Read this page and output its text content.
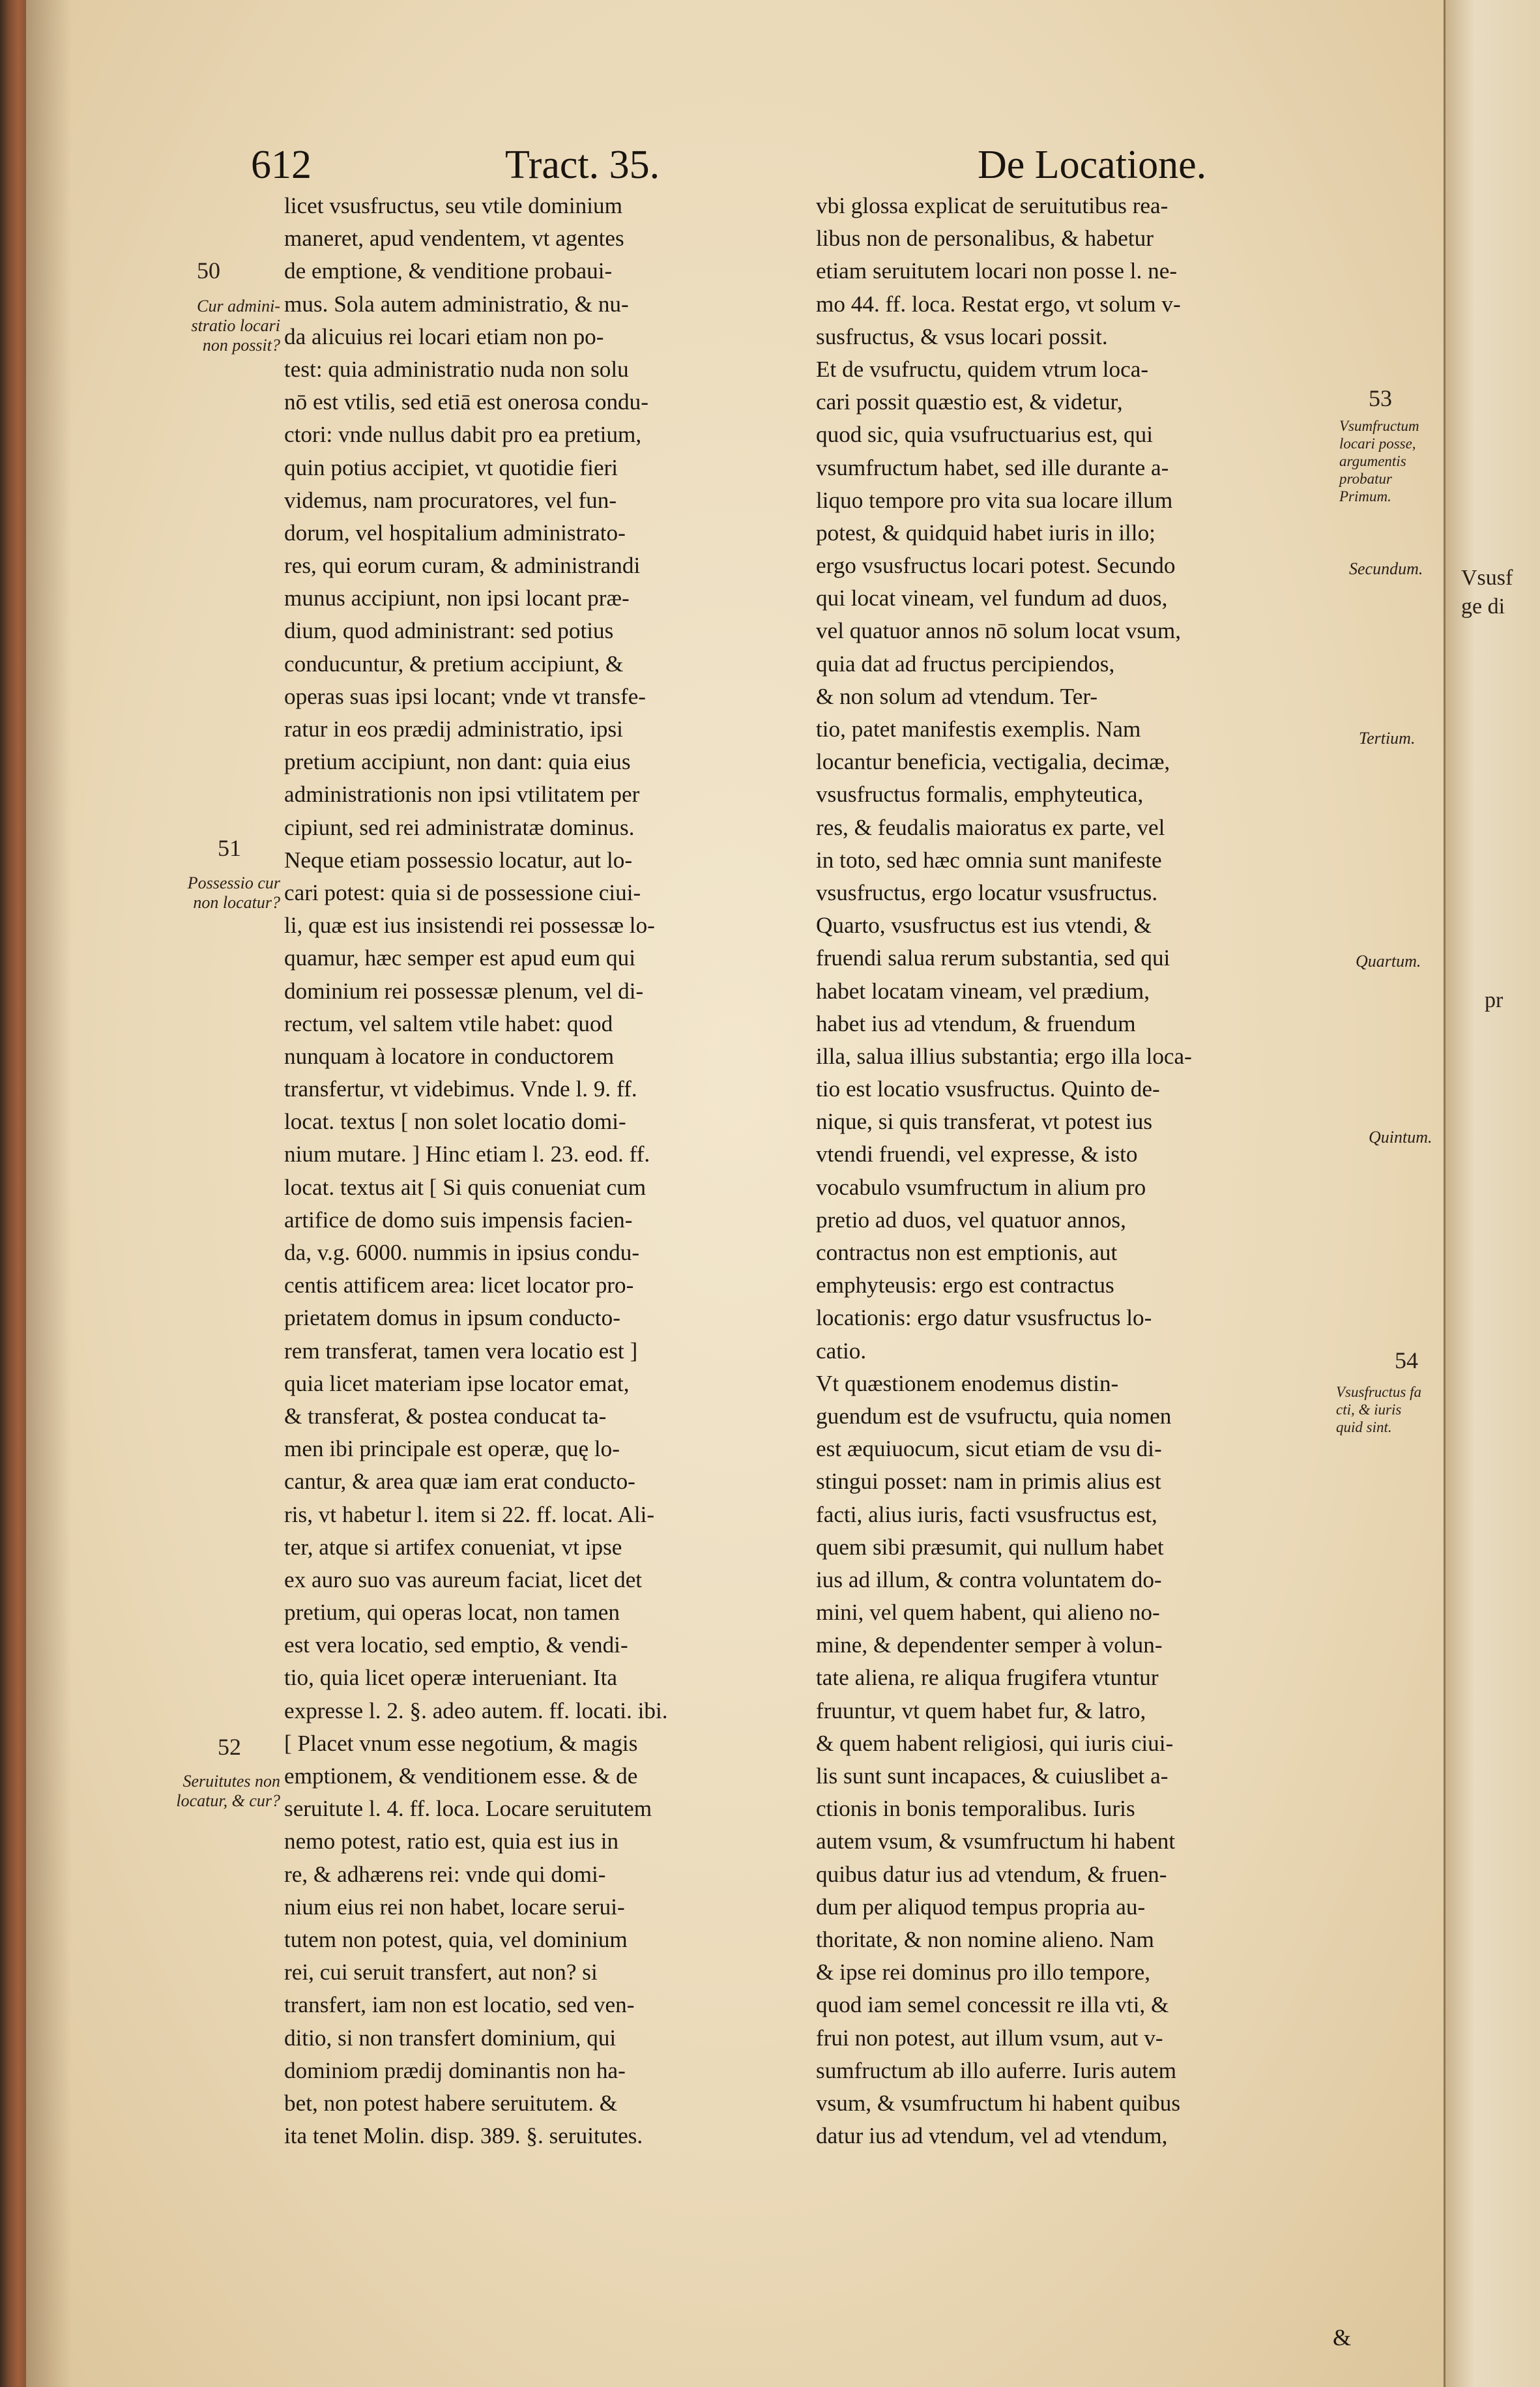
612	Tract. 35.	De Locatione.
licet vsusfructus, seu vtile dominium
maneret, apud vendentem, vt agentes
de emptione, & venditione probaui-
mus. Sola autem administratio, & nu-
da alicuius rei locari etiam non po-
test: quia administratio nuda non solu
nō est vtilis, sed etiā est onerosa condu-
ctori: vnde nullus dabit pro ea pretium,
quin potius accipiet, vt quotidie fieri
videmus, nam procuratores, vel fun-
dorum, vel hospitalium administrato-
res, qui eorum curam, & administrandi
munus accipiunt, non ipsi locant præ-
dium, quod administrant: sed potius
conducuntur, & pretium accipiunt, &
operas suas ipsi locant; vnde vt transfe-
ratur in eos prædij administratio, ipsi
pretium accipiunt, non dant: quia eius
administrationis non ipsi vtilitatem per
cipiunt, sed rei administratæ dominus.
Neque etiam possessio locatur, aut lo-
cari potest: quia si de possessione ciui-
li, quæ est ius insistendi rei possessæ lo-
quamur, hæc semper est apud eum qui
dominium rei possessæ plenum, vel di-
rectum, vel saltem vtile habet: quod
nunquam à locatore in conductorem
transfertur, vt videbimus. Vnde l. 9. ff.
locat. textus [ non solet locatio domi-
nium mutare. ] Hinc etiam l. 23. eod. ff.
locat. textus ait [ Si quis conueniat cum
artifice de domo suis impensis facien-
da, v.g. 6000. nummis in ipsius condu-
centis attificem area: licet locator pro-
prietatem domus in ipsum conducto-
rem transferat, tamen vera locatio est ]
quia licet materiam ipse locator emat,
& transferat, & postea conducat ta-
men ibi principale est operæ, quę lo-
cantur, & area quæ iam erat conducto-
ris, vt habetur l. item si 22. ff. locat. Ali-
ter, atque si artifex conueniat, vt ipse
ex auro suo vas aureum faciat, licet det
pretium, qui operas locat, non tamen
est vera locatio, sed emptio, & vendi-
tio, quia licet operæ interueniant. Ita
expresse l. 2. §. adeo autem. ff. locati. ibi.
[ Placet vnum esse negotium, & magis
emptionem, & venditionem esse. & de
seruitute l. 4. ff. loca. Locare seruitutem
nemo potest, ratio est, quia est ius in
re, & adhærens rei: vnde qui domi-
nium eius rei non habet, locare serui-
tutem non potest, quia, vel dominium
rei, cui seruit transfert, aut non? si
transfert, iam non est locatio, sed ven-
ditio, si non transfert dominium, qui
dominiom prædij dominantis non ha-
bet, non potest habere seruitutem. &
ita tenet Molin. disp. 389. §. seruitutes.
vbi glossa explicat de seruitutibus rea-
libus non de personalibus, & habetur
etiam seruitutem locari non posse l. ne-
mo 44. ff. loca. Restat ergo, vt solum v-
susfructus, & vsus locari possit.
Et de vsufructu, quidem vtrum loca-
cari possit quæstio est, & videtur,
quod sic, quia vsufructuarius est, qui
vsumfructum habet, sed ille durante a-
liquo tempore pro vita sua locare illum
potest, & quidquid habet iuris in illo;
ergo vsusfructus locari potest. Secundo
qui locat vineam, vel fundum ad duos,
vel quatuor annos nō solum locat vsum,
quia dat ad fructus percipiendos,
& non solum ad vtendum. Ter-
tio, patet manifestis exemplis. Nam
locantur beneficia, vectigalia, decimæ,
vsusfructus formalis, emphyteutica,
res, & feudalis maioratus ex parte, vel
in toto, sed hæc omnia sunt manifeste
vsusfructus, ergo locatur vsusfructus.
Quarto, vsusfructus est ius vtendi, &
fruendi salua rerum substantia, sed qui
habet locatam vineam, vel prædium,
habet ius ad vtendum, & fruendum
illa, salua illius substantia; ergo illa loca-
tio est locatio vsusfructus. Quinto de-
nique, si quis transferat, vt potest ius
vtendi fruendi, vel expresse, & isto
vocabulo vsumfructum in alium pro
pretio ad duos, vel quatuor annos,
contractus non est emptionis, aut
emphyteusis: ergo est contractus
locationis: ergo datur vsusfructus lo-
catio.
Vt quæstionem enodemus distin-
guendum est de vsufructu, quia nomen
est æquiuocum, sicut etiam de vsu di-
stingui posset: nam in primis alius est
facti, alius iuris, facti vsusfructus est,
quem sibi præsumit, qui nullum habet
ius ad illum, & contra voluntatem do-
mini, vel quem habent, qui alieno no-
mine, & dependenter semper à volun-
tate aliena, re aliqua frugifera vtuntur
fruuntur, vt quem habet fur, & latro,
& quem habent religiosi, qui iuris ciui-
lis sunt sunt incapaces, & cuiuslibet a-
ctionis in bonis temporalibus. Iuris
autem vsum, & vsumfructum hi habent
quibus datur ius ad vtendum, & fruen-
dum per aliquod tempus propria au-
thoritate, & non nomine alieno. Nam
& ipse rei dominus pro illo tempore,
quod iam semel concessit re illa vti, &
frui non potest, aut illum vsum, aut v-
sumfructum ab illo auferre. Iuris autem
vsum, & vsumfructum hi habent quibus
datur ius ad vtendum, vel ad vtendum,
50
Cur admini-
stratio locari
non possit?
51
Possessio cur
non locatur?
52
Seruitutes non
locatur, & cur?
53
Vsumfructum
locari posse,
argumentis
probatur
Primum.
Secundum.
Tertium.
Quartum.
Quintum.
54
Vsusfructus fa
cti, & iuris
quid sint.
&
Vsusf
ge di
pr
